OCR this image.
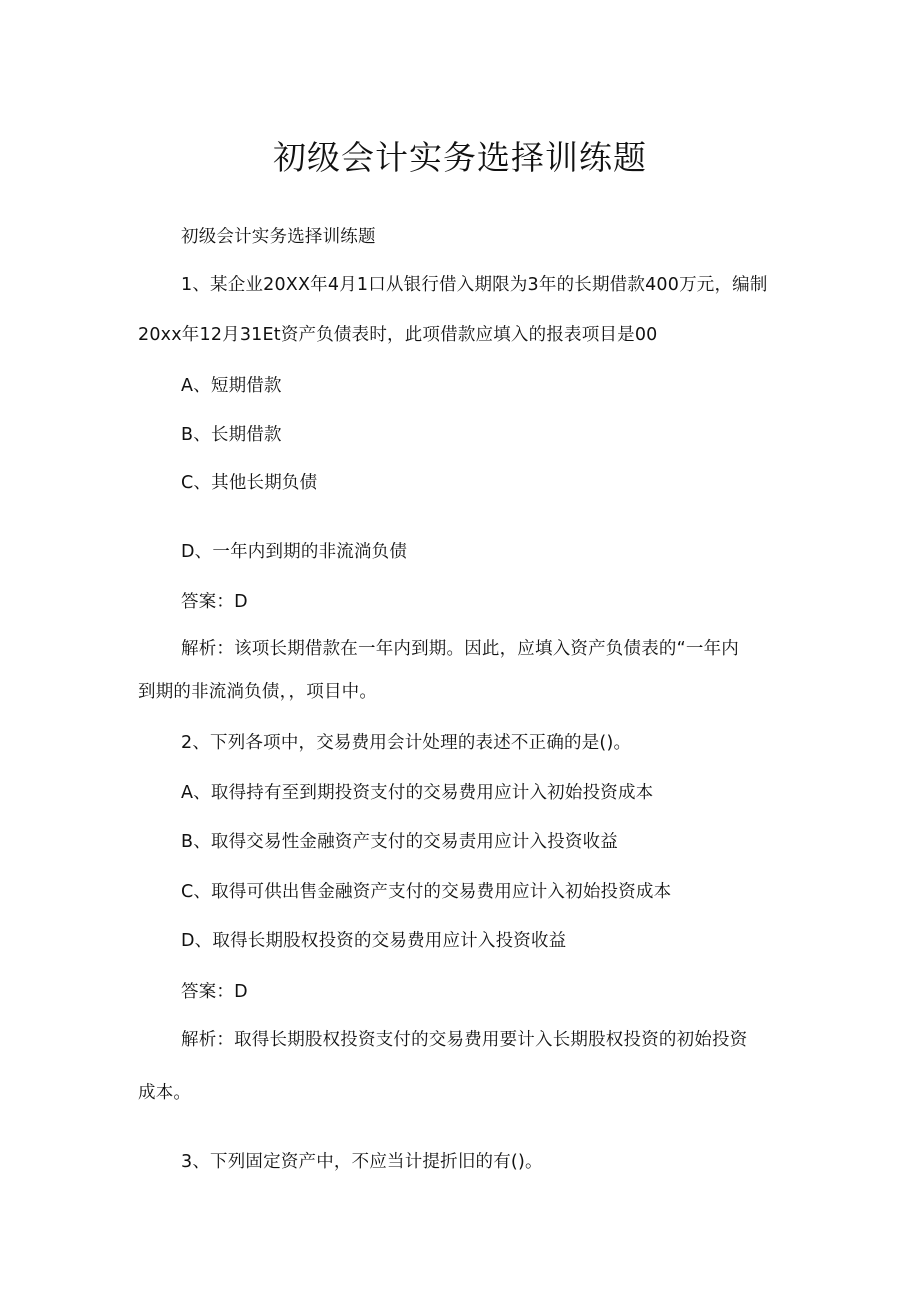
初级会计实务选择训练题
初级会计实务选择训练题
1、某企业20XX年4月1口从银行借入期限为3年的长期借款400万元，编制
20xx年12月31Et资产负债表时，此项借款应填入的报表项目是00
A、短期借款
B、长期借款
C、其他长期负债
D、一年内到期的非流淌负债
答案：D
解析：该项长期借款在一年内到期。因此，应填入资产负债表的“一年内
到期的非流淌负债，，项目中。
2、下列各项中，交易费用会计处理的表述不正确的是()。
A、取得持有至到期投资支付的交易费用应计入初始投资成本
B、取得交易性金融资产支付的交易责用应计入投资收益
C、取得可供出售金融资产支付的交易费用应计入初始投资成本
D、取得长期股权投资的交易费用应计入投资收益
答案：D
解析：取得长期股权投资支付的交易费用要计入长期股权投资的初始投资
成本。
3、下列固定资产中，不应当计提折旧的有()。
